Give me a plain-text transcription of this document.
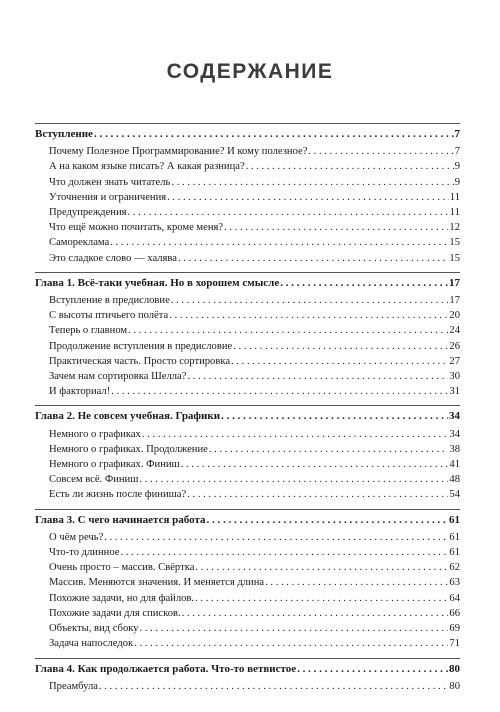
СОДЕРЖАНИЕ
Вступление . . .	7
Почему Полезное Программирование? И кому полезное? . . .	7
А на каком языке писать? А какая разница? . . .	9
Что должен знать читатель . . .	9
Уточнения и ограничения . . .	11
Предупреждения . . .	11
Что ещё можно почитать, кроме меня? . . .	12
Самореклама . . .	15
Это сладкое слово — халява . . .	15
Глава 1. Всё-таки учебная. Но в хорошем смысле . . .	17
Вступление в предисловие . . .	17
С высоты птичьего полёта . . .	20
Теперь о главном . . .	24
Продолжение вступления в предисловие . . .	26
Практическая часть. Просто сортировка . . .	27
Зачем нам сортировка Шелла? . . .	30
И факториал! . . .	31
Глава 2. Не совсем учебная. Графики . . .	34
Немного о графиках . . .	34
Немного о графиках. Продолжение . . .	38
Немного о графиках. Финиш . . .	41
Совсем всё. Финиш . . .	48
Есть ли жизнь после финиша? . . .	54
Глава 3. С чего начинается работа . . .	61
О чём речь? . . .	61
Что-то длинное . . .	61
Очень просто – массив. Свёртка . . .	62
Массив. Меняются значения. И меняется длина . . .	63
Похожие задачи, но для файлов. . . .	64
Похожие задачи для списков. . . .	66
Объекты, вид сбоку . . .	69
Задача напоследок . . .	71
Глава 4. Как продолжается работа. Что-то ветвистое . . .	80
Преамбула . . .	80
